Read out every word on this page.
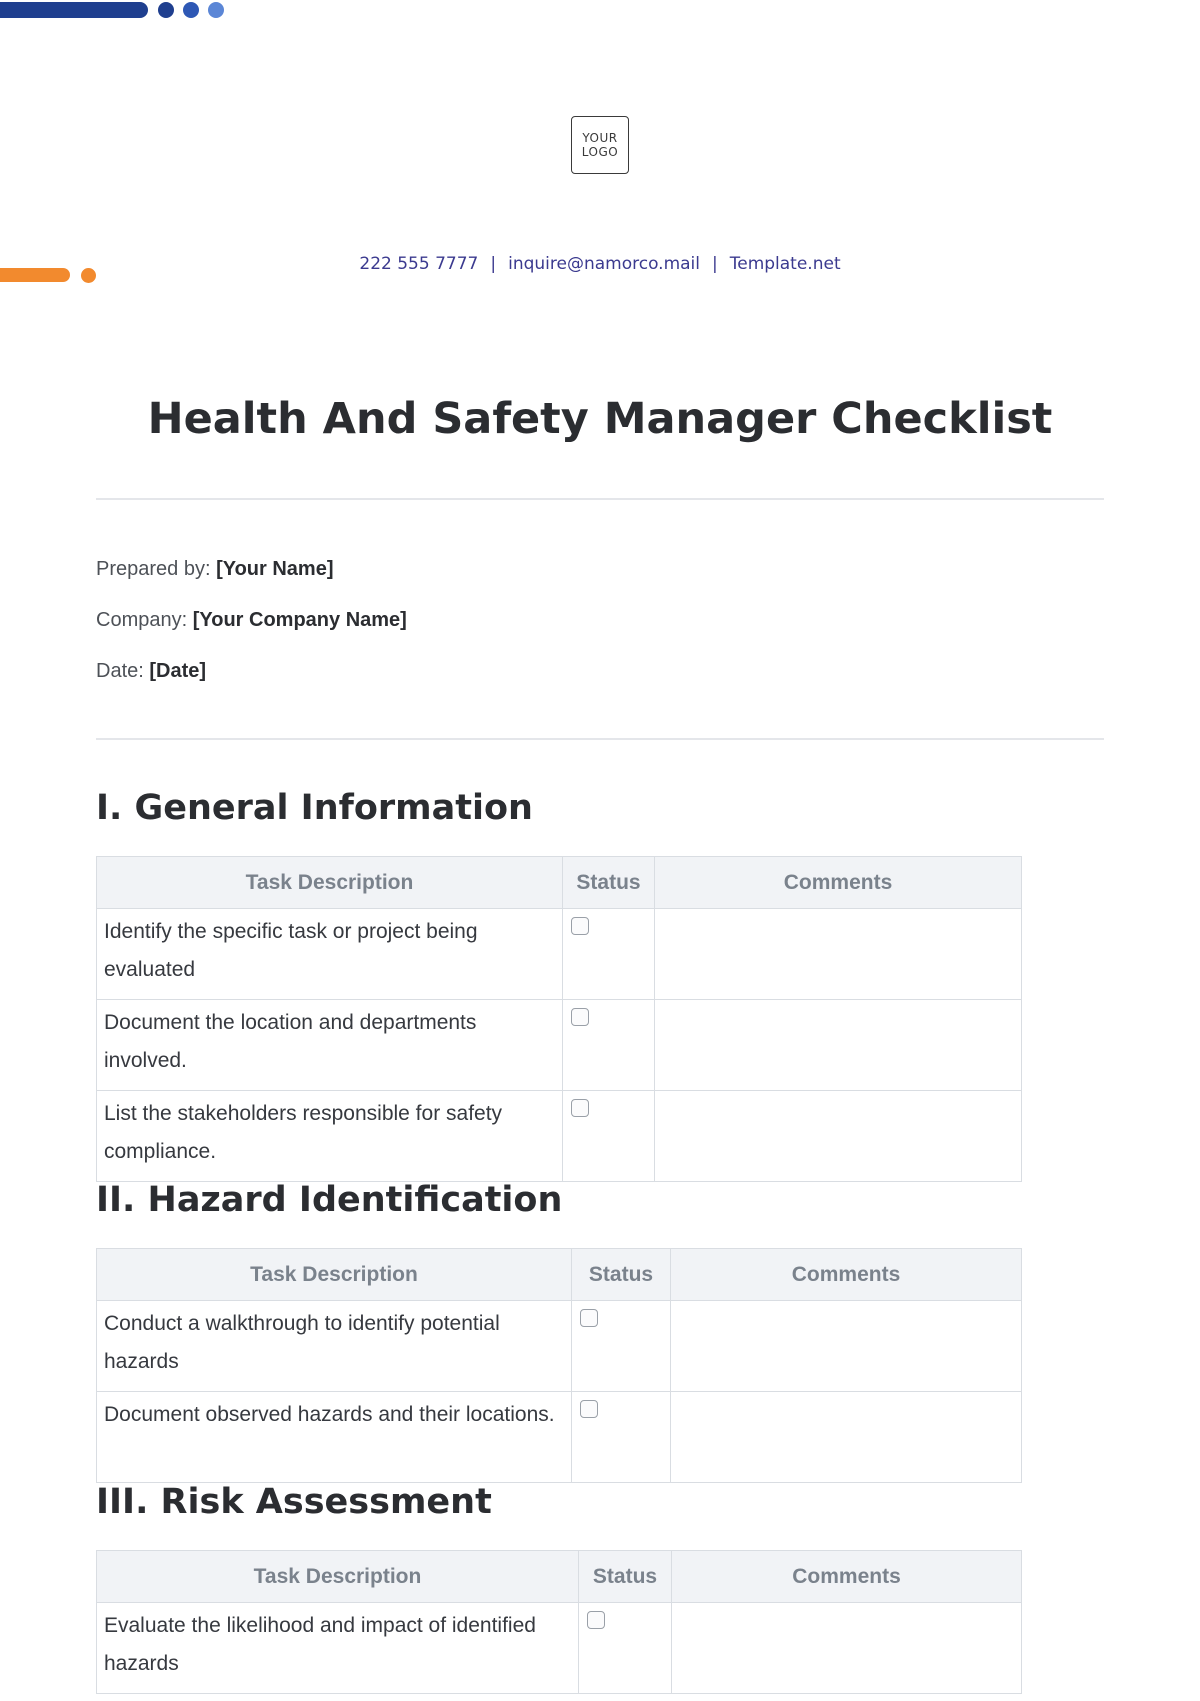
YOUR
LOGO
222 555 7777 | inquire@namorco.mail | Template.net
Health And Safety Manager Checklist
Prepared by: [Your Name]
Company: [Your Company Name]
Date: [Date]
I. General Information
Task Description	Status	Comments
Identify the specific task or project being evaluated	

Document the location and departments involved.	

List the stakeholders responsible for safety compliance.	

II. Hazard Identification
Task Description	Status	Comments
Conduct a walkthrough to identify potential hazards	

Document observed hazards and their locations.	

III. Risk Assessment
Task Description	Status	Comments
Evaluate the likelihood and impact of identified hazards	
